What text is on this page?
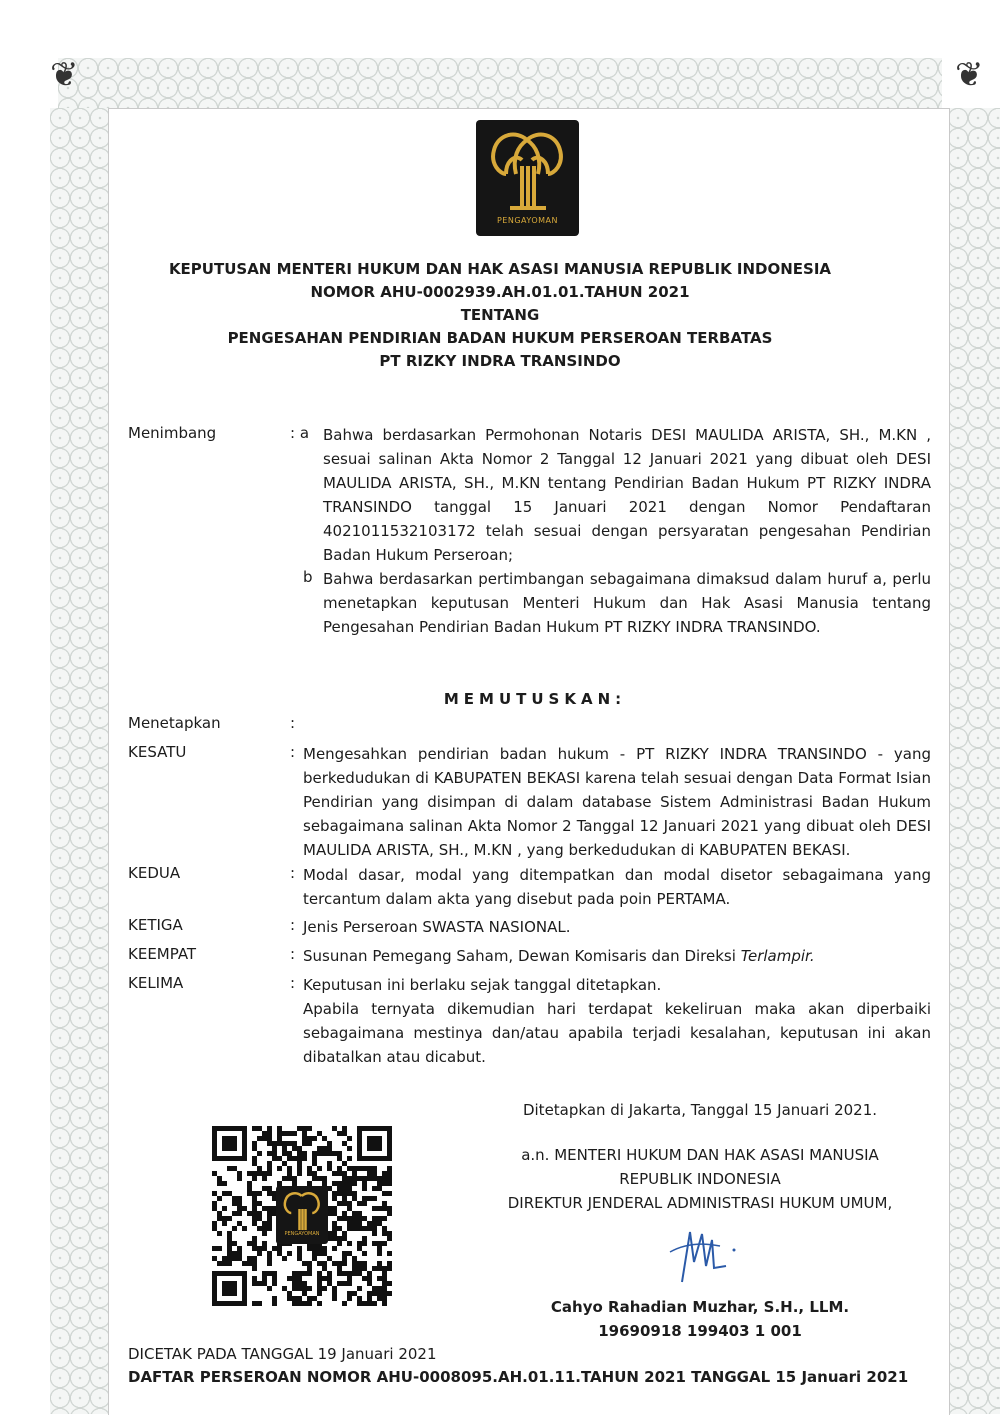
❦	❦
PENGAYOMAN
KEPUTUSAN MENTERI HUKUM DAN HAK ASASI MANUSIA REPUBLIK INDONESIA
NOMOR AHU-0002939.AH.01.01.TAHUN 2021
TENTANG
PENGESAHAN PENDIRIAN BADAN HUKUM PERSEROAN TERBATAS
PT RIZKY INDRA TRANSINDO
Menimbang	: a Bahwa berdasarkan Permohonan Notaris DESI MAULIDA ARISTA, SH., M.KN , sesuai salinan Akta Nomor 2 Tanggal 12 Januari 2021 yang dibuat oleh DESI MAULIDA ARISTA, SH., M.KN tentang Pendirian Badan Hukum PT RIZKY INDRA TRANSINDO tanggal 15 Januari 2021 dengan Nomor Pendaftaran 4021011532103172 telah sesuai dengan persyaratan pengesahan Pendirian Badan Hukum Perseroan;
b Bahwa berdasarkan pertimbangan sebagaimana dimaksud dalam huruf a, perlu menetapkan keputusan Menteri Hukum dan Hak Asasi Manusia tentang Pengesahan Pendirian Badan Hukum PT RIZKY INDRA TRANSINDO.
MEMUTUSKAN:
Menetapkan	:
KESATU	: Mengesahkan pendirian badan hukum - PT RIZKY INDRA TRANSINDO - yang berkedudukan di KABUPATEN BEKASI karena telah sesuai dengan Data Format Isian Pendirian yang disimpan di dalam database Sistem Administrasi Badan Hukum sebagaimana salinan Akta Nomor 2 Tanggal 12 Januari 2021 yang dibuat oleh DESI MAULIDA ARISTA, SH., M.KN , yang berkedudukan di KABUPATEN BEKASI.
KEDUA	: Modal dasar, modal yang ditempatkan dan modal disetor sebagaimana yang tercantum dalam akta yang disebut pada poin PERTAMA.
KETIGA	: Jenis Perseroan SWASTA NASIONAL.
KEEMPAT	: Susunan Pemegang Saham, Dewan Komisaris dan Direksi Terlampir.
KELIMA	: Keputusan ini berlaku sejak tanggal ditetapkan.
Apabila ternyata dikemudian hari terdapat kekeliruan maka akan diperbaiki sebagaimana mestinya dan/atau apabila terjadi kesalahan, keputusan ini akan dibatalkan atau dicabut.
Ditetapkan di Jakarta, Tanggal 15 Januari 2021.
a.n. MENTERI HUKUM DAN HAK ASASI MANUSIA
REPUBLIK INDONESIA
DIREKTUR JENDERAL ADMINISTRASI HUKUM UMUM,
Cahyo Rahadian Muzhar, S.H., LLM.
19690918 199403 1 001
PENGAYOMAN
DICETAK PADA TANGGAL 19 Januari 2021
DAFTAR PERSEROAN NOMOR AHU-0008095.AH.01.11.TAHUN 2021 TANGGAL 15 Januari 2021
